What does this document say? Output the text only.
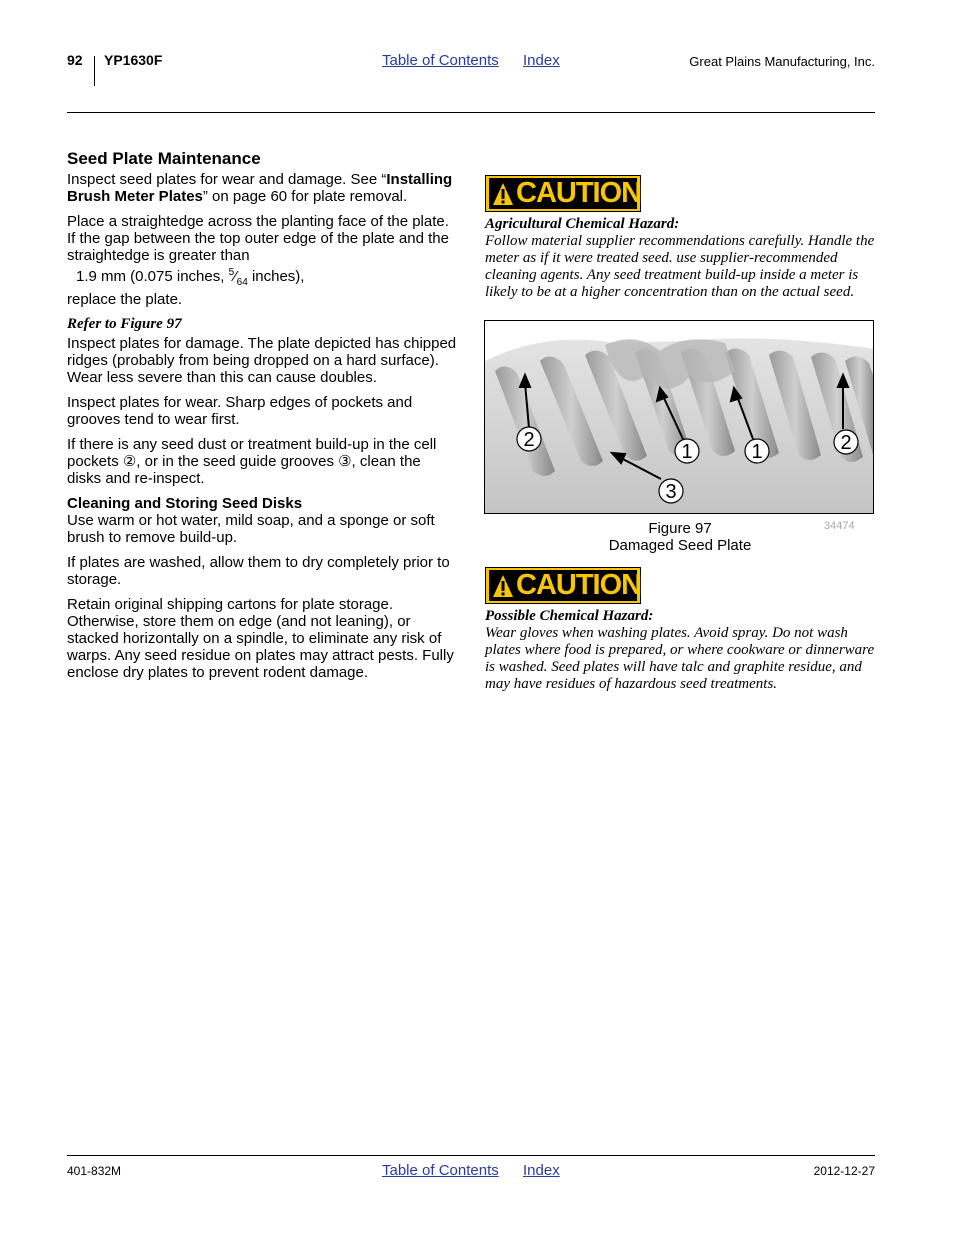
92 YP1630F	Table of Contents Index	Great Plains Manufacturing, Inc.
Seed Plate Maintenance

Inspect seed plates for wear and damage. See “Installing Brush Meter Plates” on page 60 for plate removal.

Place a straightedge across the planting face of the plate. If the gap between the top outer edge of the plate and the straightedge is greater than
1.9 mm (0.075 inches, $^5⁄_{64}$ inches),
replace the plate.

Refer to Figure 97

Inspect plates for damage. The plate depicted has chipped ridges (probably from being dropped on a hard surface). Wear less severe than this can cause doubles.

Inspect plates for wear. Sharp edges of pockets and grooves tend to wear first.

If there is any seed dust or treatment build-up in the cell pockets ②, or in the seed guide grooves ③, clean the disks and re-inspect.

Cleaning and Storing Seed Disks

Use warm or hot water, mild soap, and a sponge or soft brush to remove build-up.

If plates are washed, allow them to dry completely prior to storage.

Retain original shipping cartons for plate storage. Otherwise, store them on edge (and not leaning), or stacked horizontally on a spindle, to eliminate any risk of warps. Any seed residue on plates may attract pests. Fully enclose dry plates to prevent rodent damage.

CAUTION
Agricultural Chemical Hazard:
Follow material supplier recommendations carefully. Handle the meter as if it were treated seed. use supplier-recommended cleaning agents. Any seed treatment build-up inside a meter is likely to be at a higher concentration than on the actual seed.
2
1	1	2
3
Figure 97
Damaged Seed Plate
34474
CAUTION
Possible Chemical Hazard:
Wear gloves when washing plates. Avoid spray. Do not wash plates where food is prepared, or where cookware or dinnerware is washed. Seed plates will have talc and graphite residue, and may have residues of hazardous seed treatments.
401-832M	Table of Contents Index	2012-12-27
